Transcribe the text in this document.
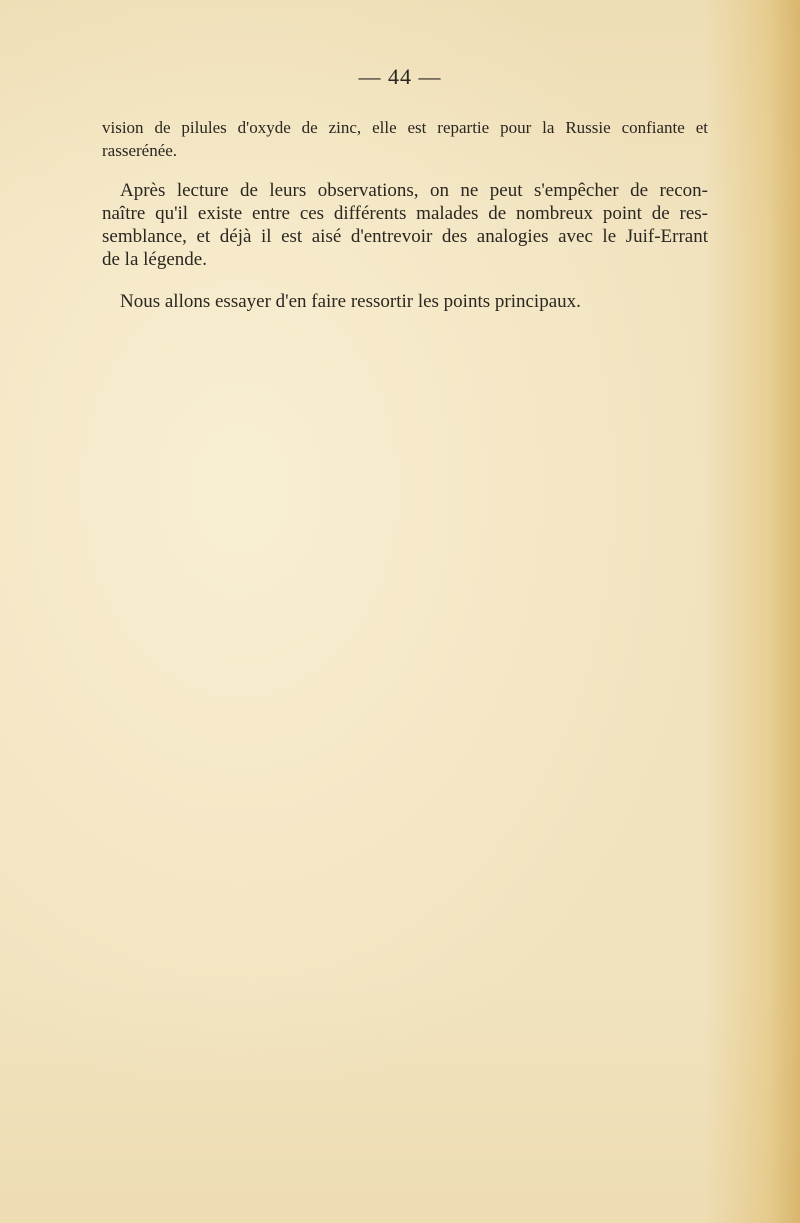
— 44 —

vision de pilules d'oxyde de zinc, elle est repartie pour la Russie confiante et
rasserénée.

Après lecture de leurs observations, on ne peut s'empêcher de recon-
naître qu'il existe entre ces différents malades de nombreux point de res-
semblance, et déjà il est aisé d'entrevoir des analogies avec le Juif-Errant
de la légende.

Nous allons essayer d'en faire ressortir les points principaux.
